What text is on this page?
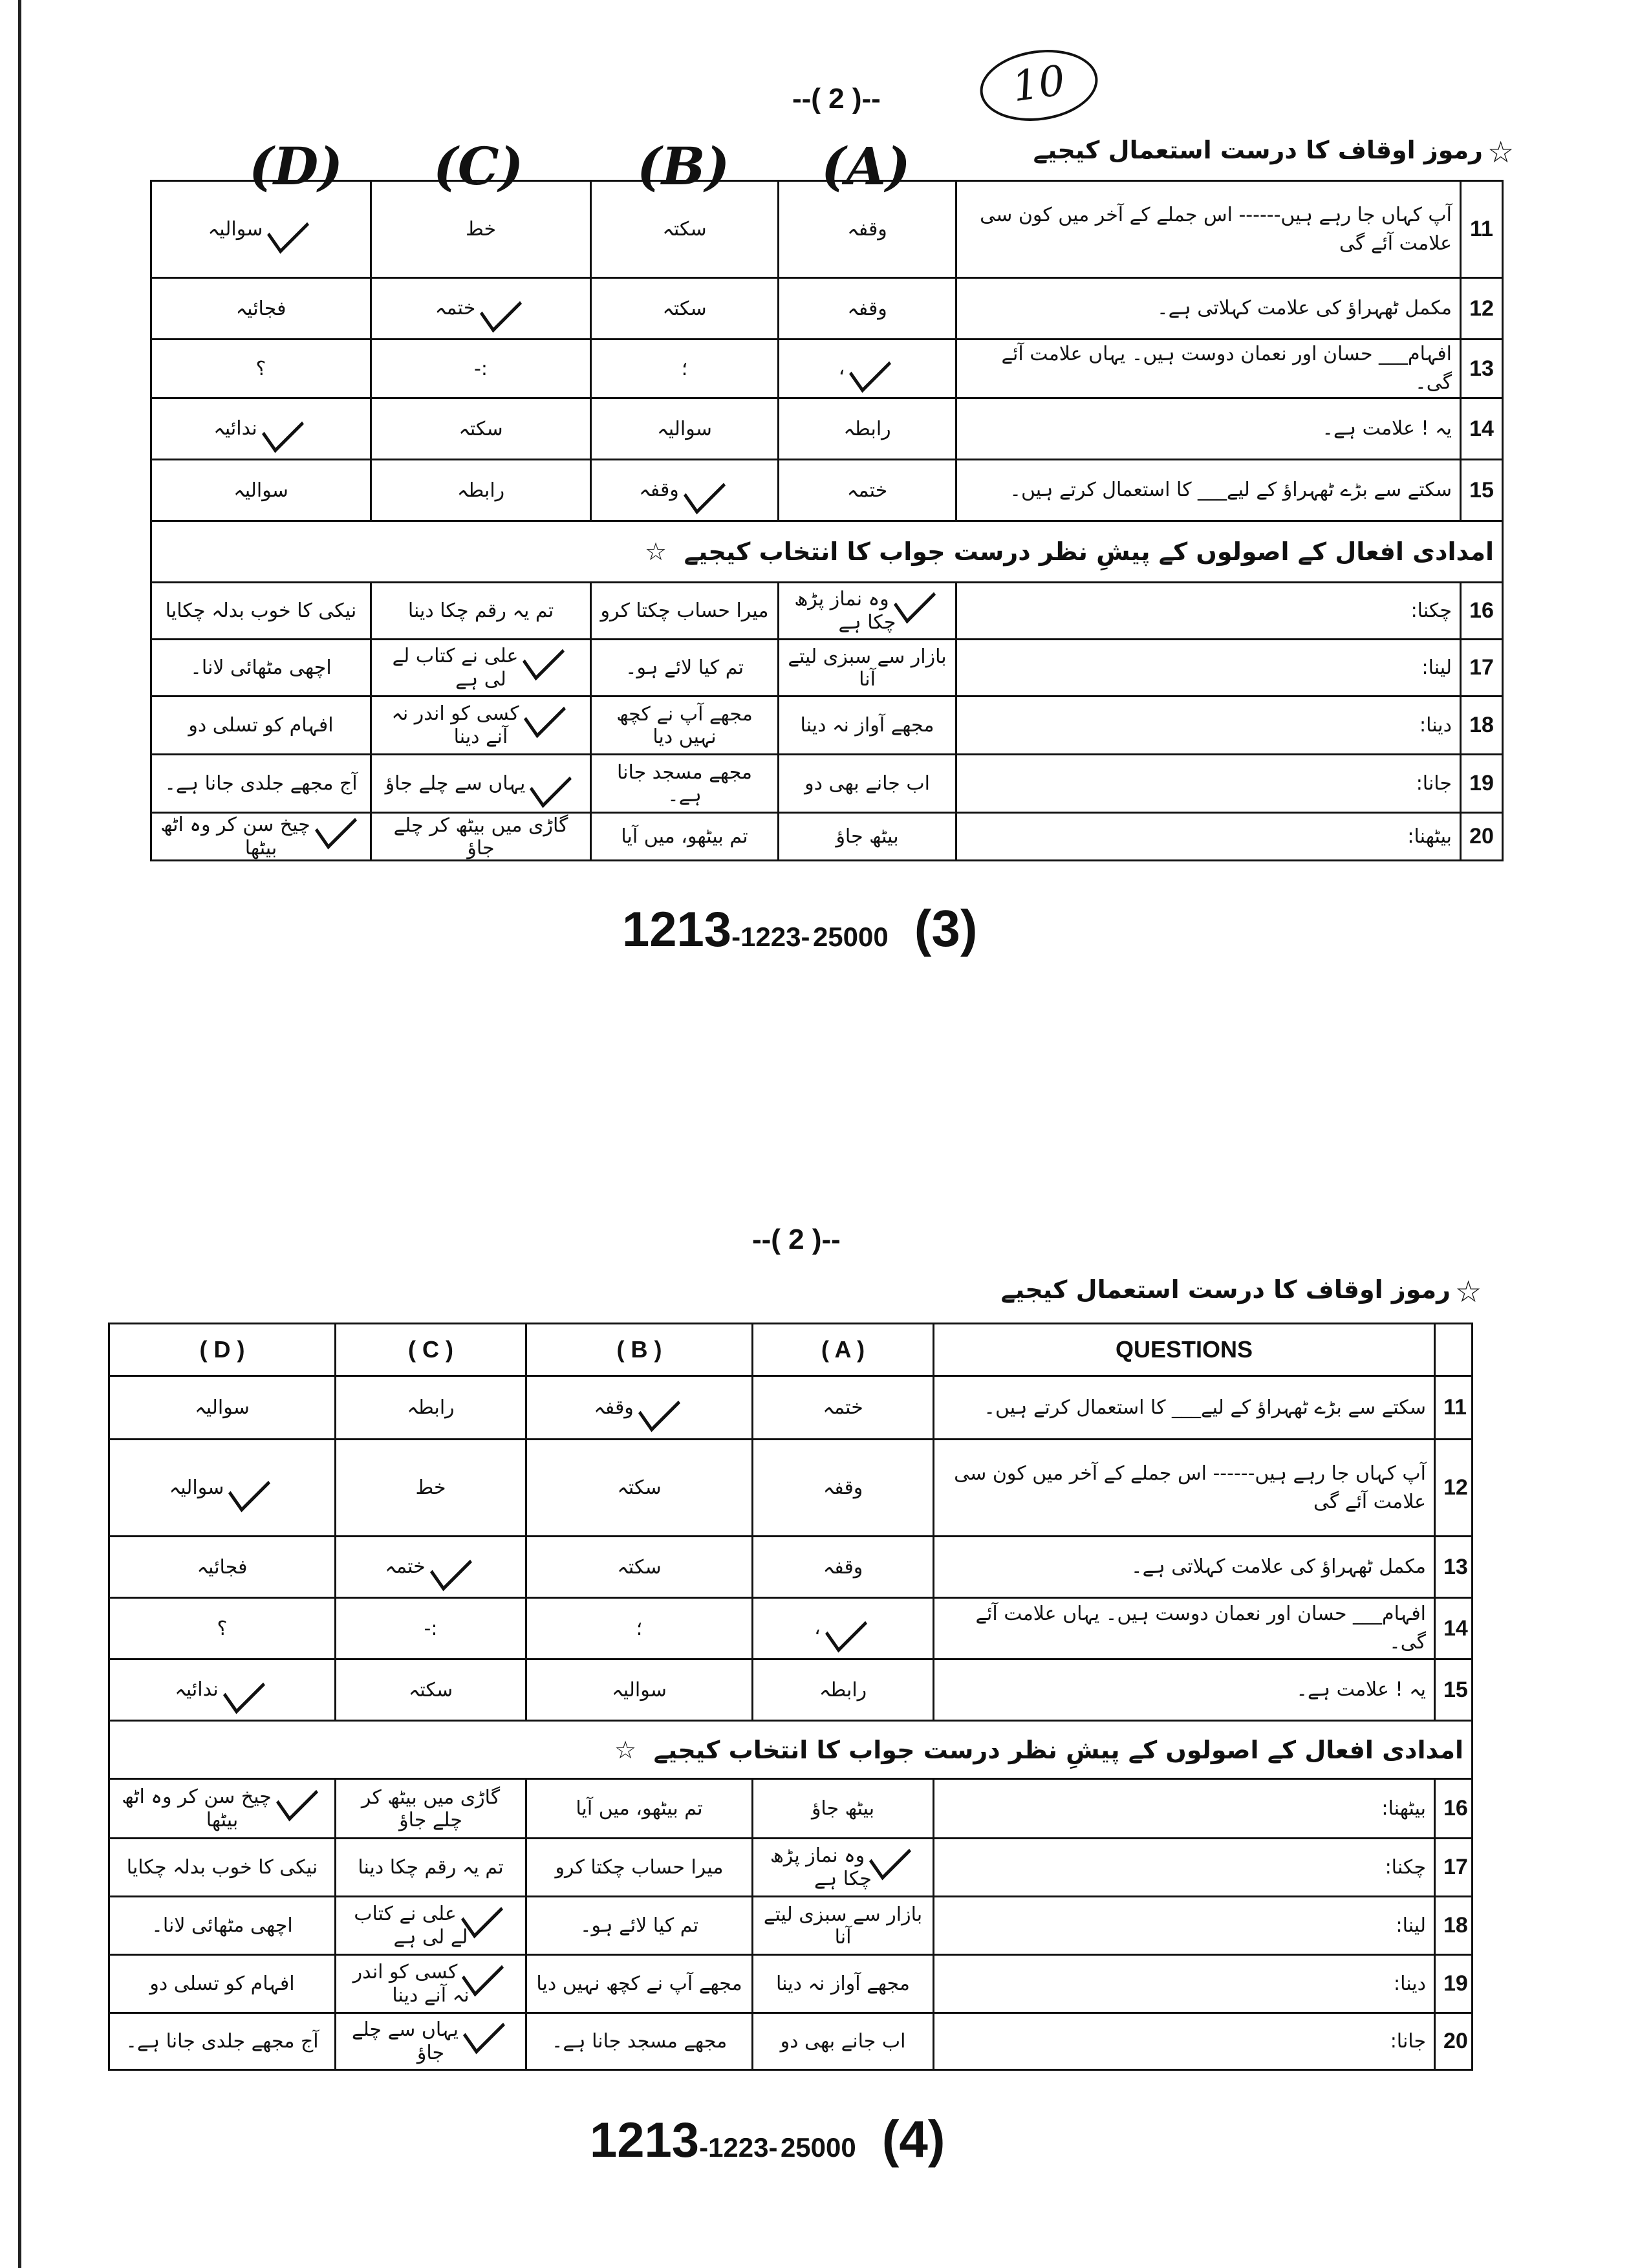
--( 2 )--	10
☆
رموز اوقاف کا درست استعمال کیجیے
(D) (C) (B) (A)
سوالیہ	خط	سکتہ	وقفہ	آپ کہاں جا رہے ہیں------ اس جملے کے آخر میں کون سی علامت آئے گی	11
فجائیہ	ختمہ	سکتہ	وقفہ	مکمل ٹھہراؤ کی علامت کہلاتی ہے۔	12
؟	:-	؛	،	افہام___ حسان اور نعمان دوست ہیں۔ یہاں علامت آئے گی۔	13
ندائیہ	سکتہ	سوالیہ	رابطہ	یہ ! علامت ہے۔	14
سوالیہ	رابطہ	وقفہ	ختمہ	سکتے سے بڑے ٹھہراؤ کے لیے___ کا استعمال کرتے ہیں۔	15
امدادی افعال کے اصولوں کے پیشِ نظر درست جواب کا انتخاب کیجیے  ☆					
نیکی کا خوب بدلہ چکایا	تم یہ رقم چکا دینا	میرا حساب چکتا کرو	وہ نماز پڑھ چکا ہے	چکنا:	16
اچھی مٹھائی لانا۔	علی نے کتاب لے لی ہے	تم کیا لائے ہو۔	بازار سے سبزی لیتے آنا	لینا:	17
افہام کو تسلی دو	کسی کو اندر نہ آنے دینا	مجھے آپ نے کچھ نہیں دیا	مجھے آواز نہ دینا	دینا:	18
آج مجھے جلدی جانا ہے۔	یہاں سے چلے جاؤ	مجھے مسجد جانا ہے۔	اب جانے بھی دو	جانا:	19
چیخ سن کر وہ اٹھ بیٹھا	گاڑی میں بیٹھ کر چلے جاؤ	تم بیٹھو، میں آیا	بیٹھ جاؤ	بیٹھنا:	20
1213-1223- 25000 (3)
--( 2 )--
☆
رموز اوقاف کا درست استعمال کیجیے
( D )	( C )	( B )	( A )	QUESTIONS	
سوالیہ	رابطہ	وقفہ	ختمہ	سکتے سے بڑے ٹھہراؤ کے لیے___ کا استعمال کرتے ہیں۔	11
سوالیہ	خط	سکتہ	وقفہ	آپ کہاں جا رہے ہیں------ اس جملے کے آخر میں کون سی علامت آئے گی	12
فجائیہ	ختمہ	سکتہ	وقفہ	مکمل ٹھہراؤ کی علامت کہلاتی ہے۔	13
؟	:-	؛	،	افہام___ حسان اور نعمان دوست ہیں۔ یہاں علامت آئے گی۔	14
ندائیہ	سکتہ	سوالیہ	رابطہ	یہ ! علامت ہے۔	15
امدادی افعال کے اصولوں کے پیشِ نظر درست جواب کا انتخاب کیجیے  ☆					
چیخ سن کر وہ اٹھ بیٹھا	گاڑی میں بیٹھ کر چلے جاؤ	تم بیٹھو، میں آیا	بیٹھ جاؤ	بیٹھنا:	16
نیکی کا خوب بدلہ چکایا	تم یہ رقم چکا دینا	میرا حساب چکتا کرو	وہ نماز پڑھ چکا ہے	چکنا:	17
اچھی مٹھائی لانا۔	علی نے کتاب لے لی ہے	تم کیا لائے ہو۔	بازار سے سبزی لیتے آنا	لینا:	18
افہام کو تسلی دو	کسی کو اندر نہ آنے دینا	مجھے آپ نے کچھ نہیں دیا	مجھے آواز نہ دینا	دینا:	19
آج مجھے جلدی جانا ہے۔	یہاں سے چلے جاؤ	مجھے مسجد جانا ہے۔	اب جانے بھی دو	جانا:	20
1213-1223- 25000 (4)
